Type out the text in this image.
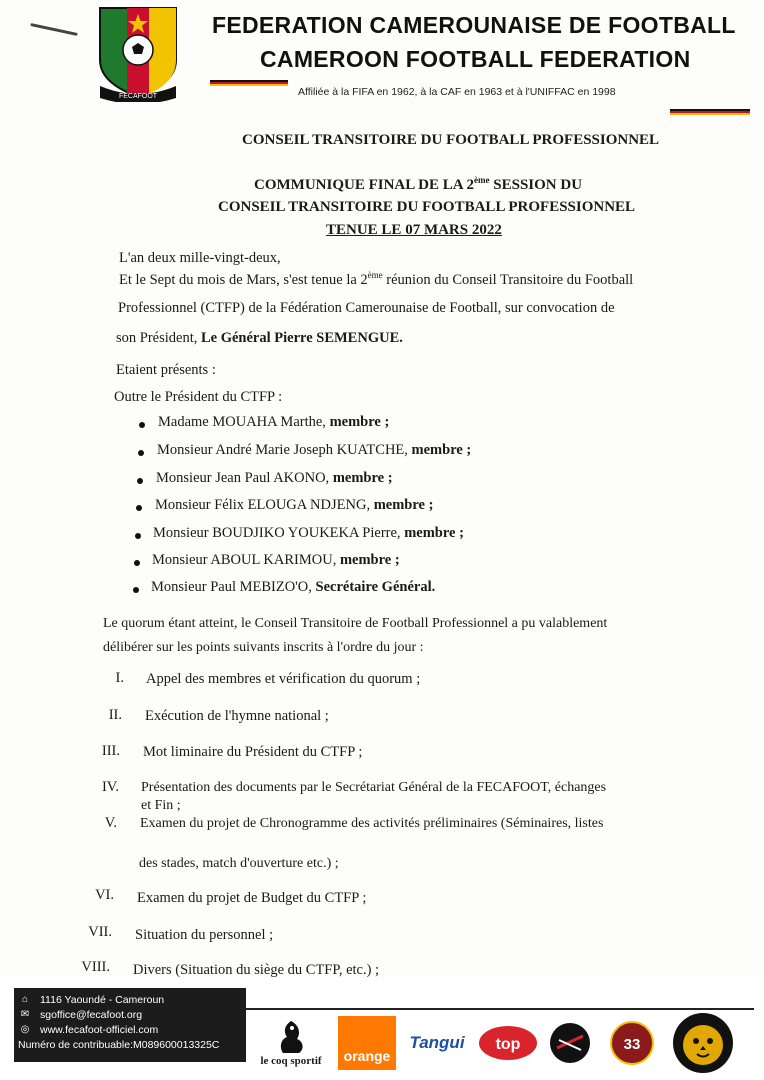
FECAFOOT
FEDERATION CAMEROUNAISE DE FOOTBALL
CAMEROON FOOTBALL FEDERATION
Affiliée à la FIFA en 1962, à la CAF en 1963 et à l'UNIFFAC en 1998
CONSEIL TRANSITOIRE DU FOOTBALL PROFESSIONNEL
COMMUNIQUE FINAL DE LA 2ème SESSION DU
CONSEIL TRANSITOIRE DU FOOTBALL PROFESSIONNEL
TENUE LE 07 MARS 2022
L'an deux mille-vingt-deux,
Et le Sept du mois de Mars, s'est tenue la 2ème réunion du Conseil Transitoire du Football
Professionnel (CTFP) de la Fédération Camerounaise de Football, sur convocation de
son Président, Le Général Pierre SEMENGUE.
Etaient présents :
Outre le Président du CTFP :
Madame MOUAHA Marthe, membre ;
Monsieur André Marie Joseph KUATCHE, membre ;
Monsieur Jean Paul AKONO, membre ;
Monsieur Félix ELOUGA NDJENG, membre ;
Monsieur BOUDJIKO YOUKEKA Pierre, membre ;
Monsieur ABOUL KARIMOU, membre ;
Monsieur Paul MEBIZO'O, Secrétaire Général.
Le quorum étant atteint, le Conseil Transitoire de Football Professionnel a pu valablement
délibérer sur les points suivants inscrits à l'ordre du jour :
I. Appel des membres et vérification du quorum ;
II. Exécution de l'hymne national ;
III. Mot liminaire du Président du CTFP ;
IV. Présentation des documents par le Secrétariat Général de la FECAFOOT, échanges
et Fin ;
V. Examen du projet de Chronogramme des activités préliminaires (Séminaires, listes
des stades, match d'ouverture etc.) ;
VI. Examen du projet de Budget du CTFP ;
VII. Situation du personnel ;
VIII. Divers (Situation du siège du CTFP, etc.) ;
⌂	1116 Yaoundé - Cameroun
✉ sgoffice@fecafoot.org
◎ www.fecafoot-officiel.com
Numéro de contribuable:M089600013325C
le coq sportif	orange
Tangui top	33
